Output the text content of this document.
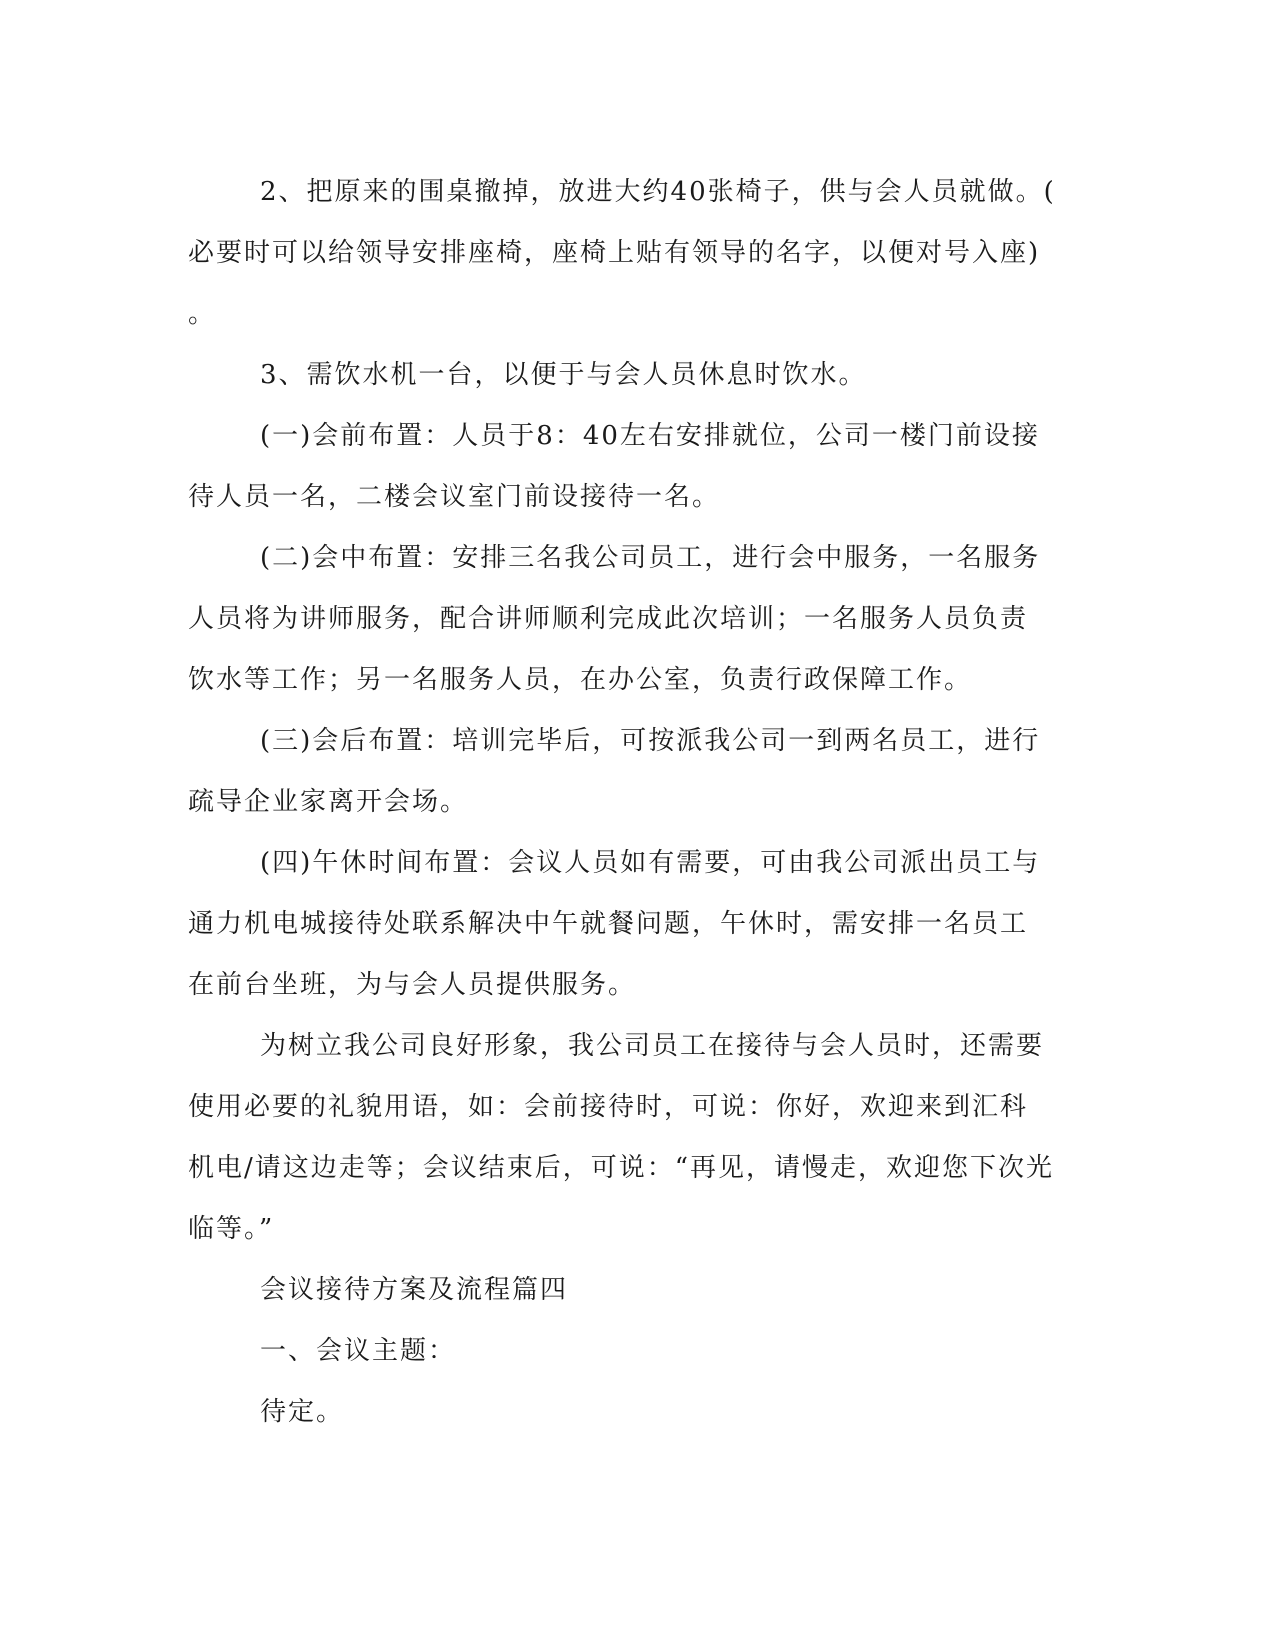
2、把原来的围桌撤掉，放进大约40张椅子，供与会人员就做。(
必要时可以给领导安排座椅，座椅上贴有领导的名字，以便对号入座)
。
3、需饮水机一台，以便于与会人员休息时饮水。
(一)会前布置：人员于8：40左右安排就位，公司一楼门前设接
待人员一名，二楼会议室门前设接待一名。
(二)会中布置：安排三名我公司员工，进行会中服务，一名服务
人员将为讲师服务，配合讲师顺利完成此次培训；一名服务人员负责
饮水等工作；另一名服务人员，在办公室，负责行政保障工作。
(三)会后布置：培训完毕后，可按派我公司一到两名员工，进行
疏导企业家离开会场。
(四)午休时间布置：会议人员如有需要，可由我公司派出员工与
通力机电城接待处联系解决中午就餐问题，午休时，需安排一名员工
在前台坐班，为与会人员提供服务。
为树立我公司良好形象，我公司员工在接待与会人员时，还需要
使用必要的礼貌用语，如：会前接待时，可说：你好，欢迎来到汇科
机电/请这边走等；会议结束后，可说：“再见，请慢走，欢迎您下次光
临等。”
会议接待方案及流程篇四
一、会议主题：
待定。
